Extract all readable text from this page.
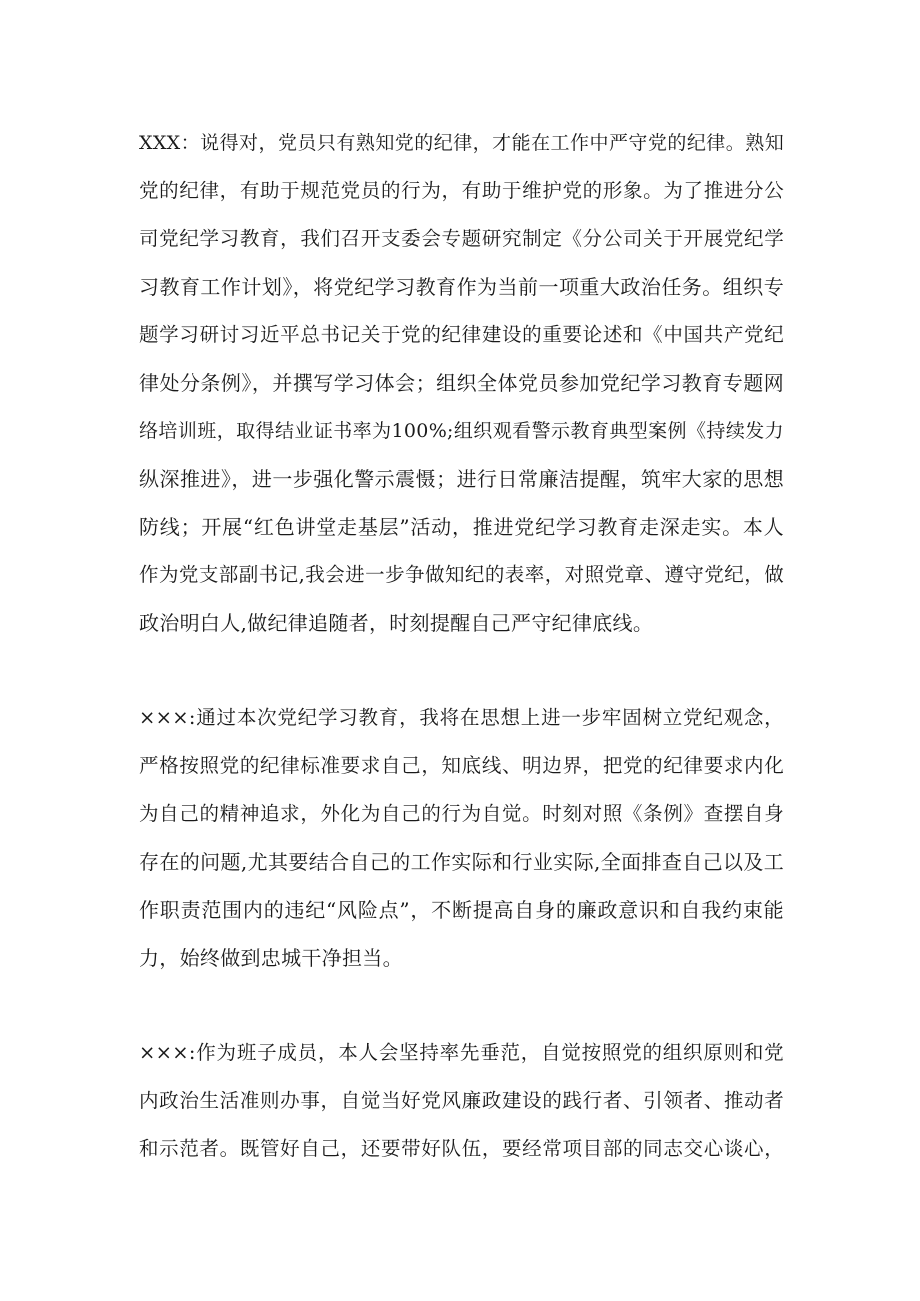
XXX：说得对，党员只有熟知党的纪律，才能在工作中严守党的纪律。熟知
党的纪律，有助于规范党员的行为，有助于维护党的形象。为了推进分公
司党纪学习教育，我们召开支委会专题研究制定《分公司关于开展党纪学
习教育工作计划》，将党纪学习教育作为当前一项重大政治任务。组织专
题学习研讨习近平总书记关于党的纪律建设的重要论述和《中国共产党纪
律处分条例》，并撰写学习体会；组织全体党员参加党纪学习教育专题网
络培训班，取得结业证书率为100%;组织观看警示教育典型案例《持续发力
纵深推进》，进一步强化警示震慑；进行日常廉洁提醒，筑牢大家的思想
防线；开展“红色讲堂走基层”活动，推进党纪学习教育走深走实。本人
作为党支部副书记,我会进一步争做知纪的表率，对照党章、遵守党纪，做
政治明白人,做纪律追随者，时刻提醒自己严守纪律底线。
×××:通过本次党纪学习教育，我将在思想上进一步牢固树立党纪观念，
严格按照党的纪律标准要求自己，知底线、明边界，把党的纪律要求内化
为自己的精神追求，外化为自己的行为自觉。时刻对照《条例》查摆自身
存在的问题,尤其要结合自己的工作实际和行业实际,全面排查自己以及工
作职责范围内的违纪“风险点”，不断提高自身的廉政意识和自我约束能
力，始终做到忠城干净担当。
×××:作为班子成员，本人会坚持率先垂范，自觉按照党的组织原则和党
内政治生活准则办事，自觉当好党风廉政建设的践行者、引领者、推动者
和示范者。既管好自己，还要带好队伍，要经常项目部的同志交心谈心，
